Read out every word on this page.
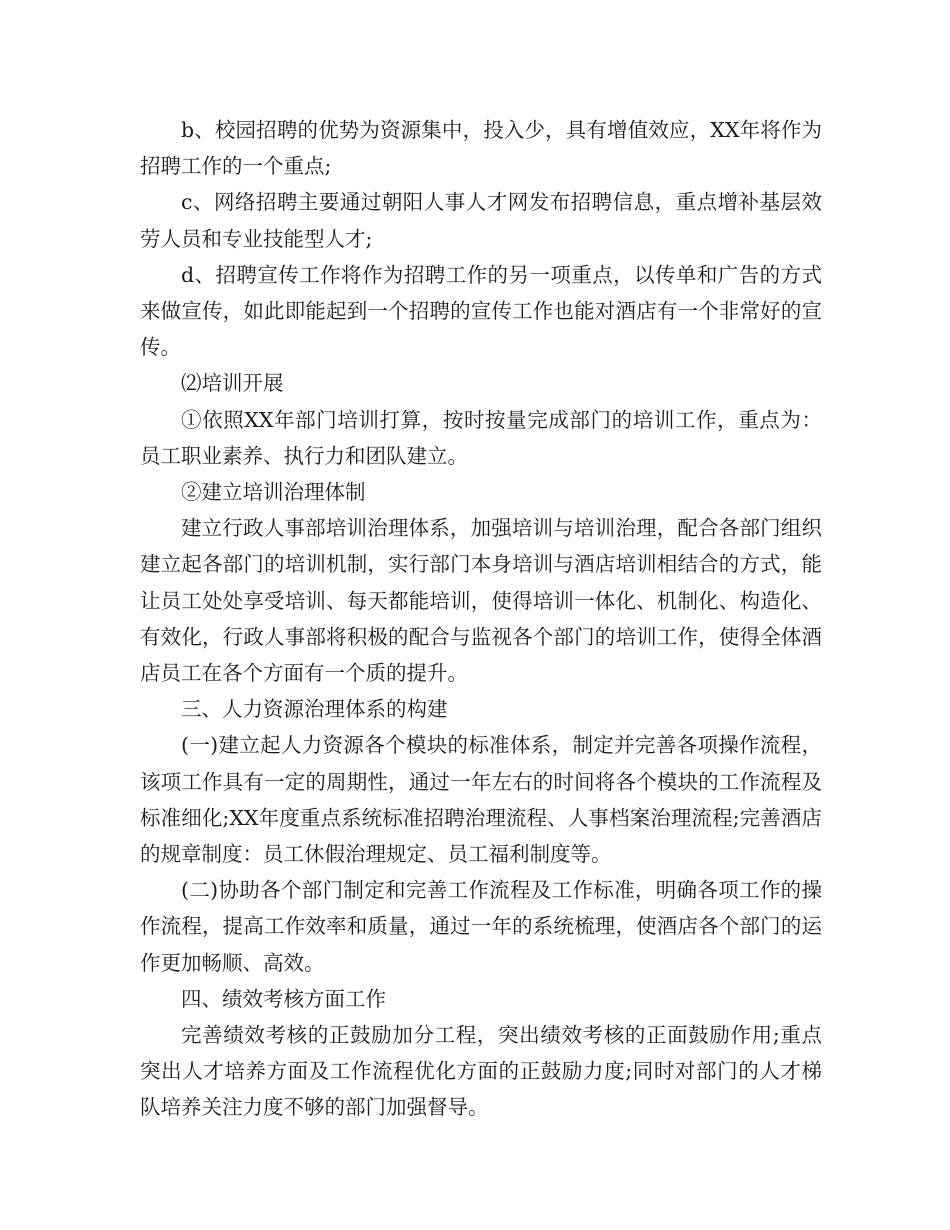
b、校园招聘的优势为资源集中，投入少，具有增值效应，XX年将作为招聘工作的一个重点;

c、网络招聘主要通过朝阳人事人才网发布招聘信息，重点增补基层效劳人员和专业技能型人才;

d、招聘宣传工作将作为招聘工作的另一项重点，以传单和广告的方式来做宣传，如此即能起到一个招聘的宣传工作也能对酒店有一个非常好的宣传。

⑵培训开展

①依照XX年部门培训打算，按时按量完成部门的培训工作，重点为：员工职业素养、执行力和团队建立。

②建立培训治理体制

建立行政人事部培训治理体系，加强培训与培训治理，配合各部门组织建立起各部门的培训机制，实行部门本身培训与酒店培训相结合的方式，能让员工处处享受培训、每天都能培训，使得培训一体化、机制化、构造化、有效化，行政人事部将积极的配合与监视各个部门的培训工作，使得全体酒店员工在各个方面有一个质的提升。

三、人力资源治理体系的构建

(一)建立起人力资源各个模块的标准体系，制定并完善各项操作流程，该项工作具有一定的周期性，通过一年左右的时间将各个模块的工作流程及标准细化;XX年度重点系统标准招聘治理流程、人事档案治理流程;完善酒店的规章制度：员工休假治理规定、员工福利制度等。

(二)协助各个部门制定和完善工作流程及工作标准，明确各项工作的操作流程，提高工作效率和质量，通过一年的系统梳理，使酒店各个部门的运作更加畅顺、高效。

四、绩效考核方面工作

完善绩效考核的正鼓励加分工程，突出绩效考核的正面鼓励作用;重点突出人才培养方面及工作流程优化方面的正鼓励力度;同时对部门的人才梯队培养关注力度不够的部门加强督导。
